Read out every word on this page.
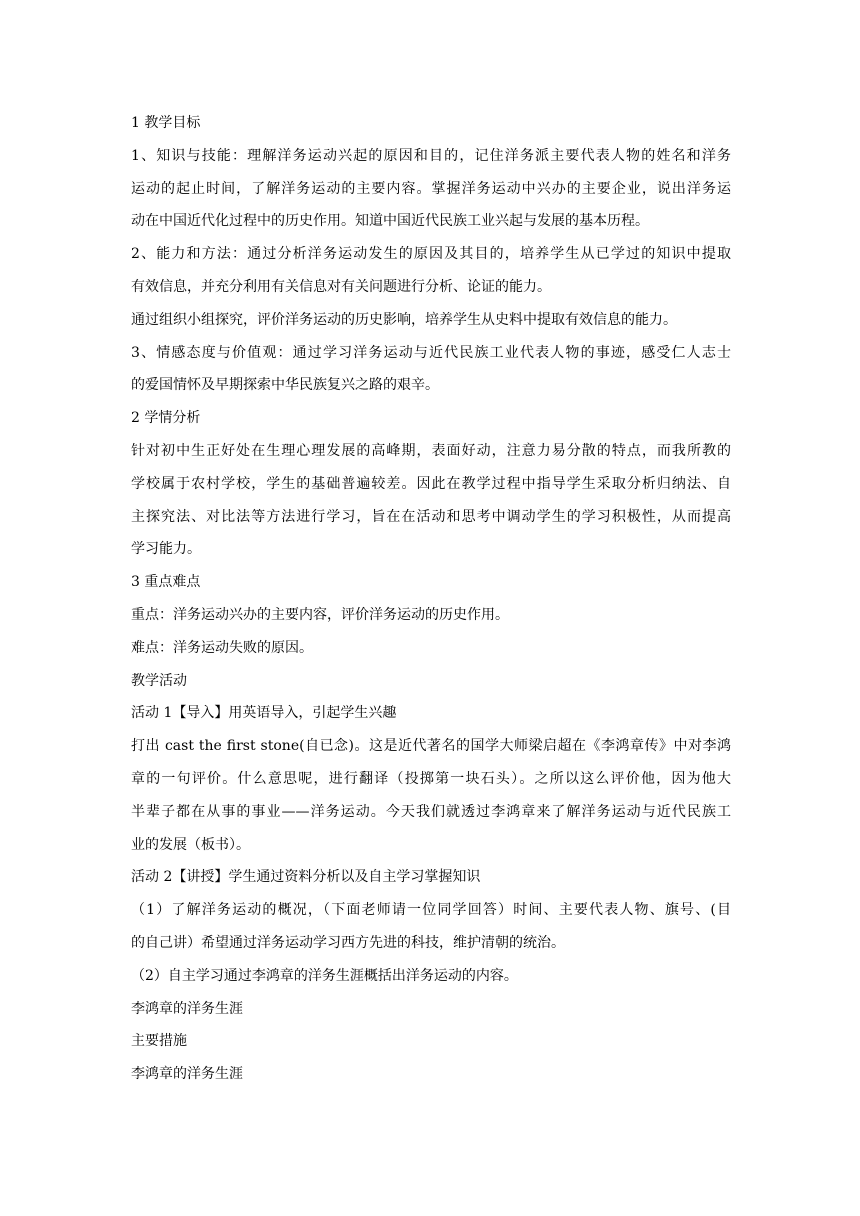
1 教学目标
1、知识与技能：理解洋务运动兴起的原因和目的，记住洋务派主要代表人物的姓名和洋务
运动的起止时间，了解洋务运动的主要内容。掌握洋务运动中兴办的主要企业，说出洋务运
动在中国近代化过程中的历史作用。知道中国近代民族工业兴起与发展的基本历程。
2、能力和方法：通过分析洋务运动发生的原因及其目的，培养学生从已学过的知识中提取
有效信息，并充分利用有关信息对有关问题进行分析、论证的能力。
通过组织小组探究，评价洋务运动的历史影响，培养学生从史料中提取有效信息的能力。
3、情感态度与价值观：通过学习洋务运动与近代民族工业代表人物的事迹，感受仁人志士
的爱国情怀及早期探索中华民族复兴之路的艰辛。
2 学情分析
针对初中生正好处在生理心理发展的高峰期，表面好动，注意力易分散的特点，而我所教的
学校属于农村学校，学生的基础普遍较差。因此在教学过程中指导学生采取分析归纳法、自
主探究法、对比法等方法进行学习，旨在在活动和思考中调动学生的学习积极性，从而提高
学习能力。
3 重点难点
重点：洋务运动兴办的主要内容，评价洋务运动的历史作用。
难点：洋务运动失败的原因。
教学活动
活动 1【导入】用英语导入，引起学生兴趣
打出 cast the first stone(自已念)。这是近代著名的国学大师梁启超在《李鸿章传》中对李鸿
章的一句评价。什么意思呢，进行翻译（投掷第一块石头）。之所以这么评价他，因为他大
半辈子都在从事的事业——洋务运动。今天我们就透过李鸿章来了解洋务运动与近代民族工
业的发展（板书）。
活动 2【讲授】学生通过资料分析以及自主学习掌握知识
（1）了解洋务运动的概况，（下面老师请一位同学回答）时间、主要代表人物、旗号、(目
的自己讲）希望通过洋务运动学习西方先进的科技，维护清朝的统治。
（2）自主学习通过李鸿章的洋务生涯概括出洋务运动的内容。
李鸿章的洋务生涯
主要措施
李鸿章的洋务生涯
